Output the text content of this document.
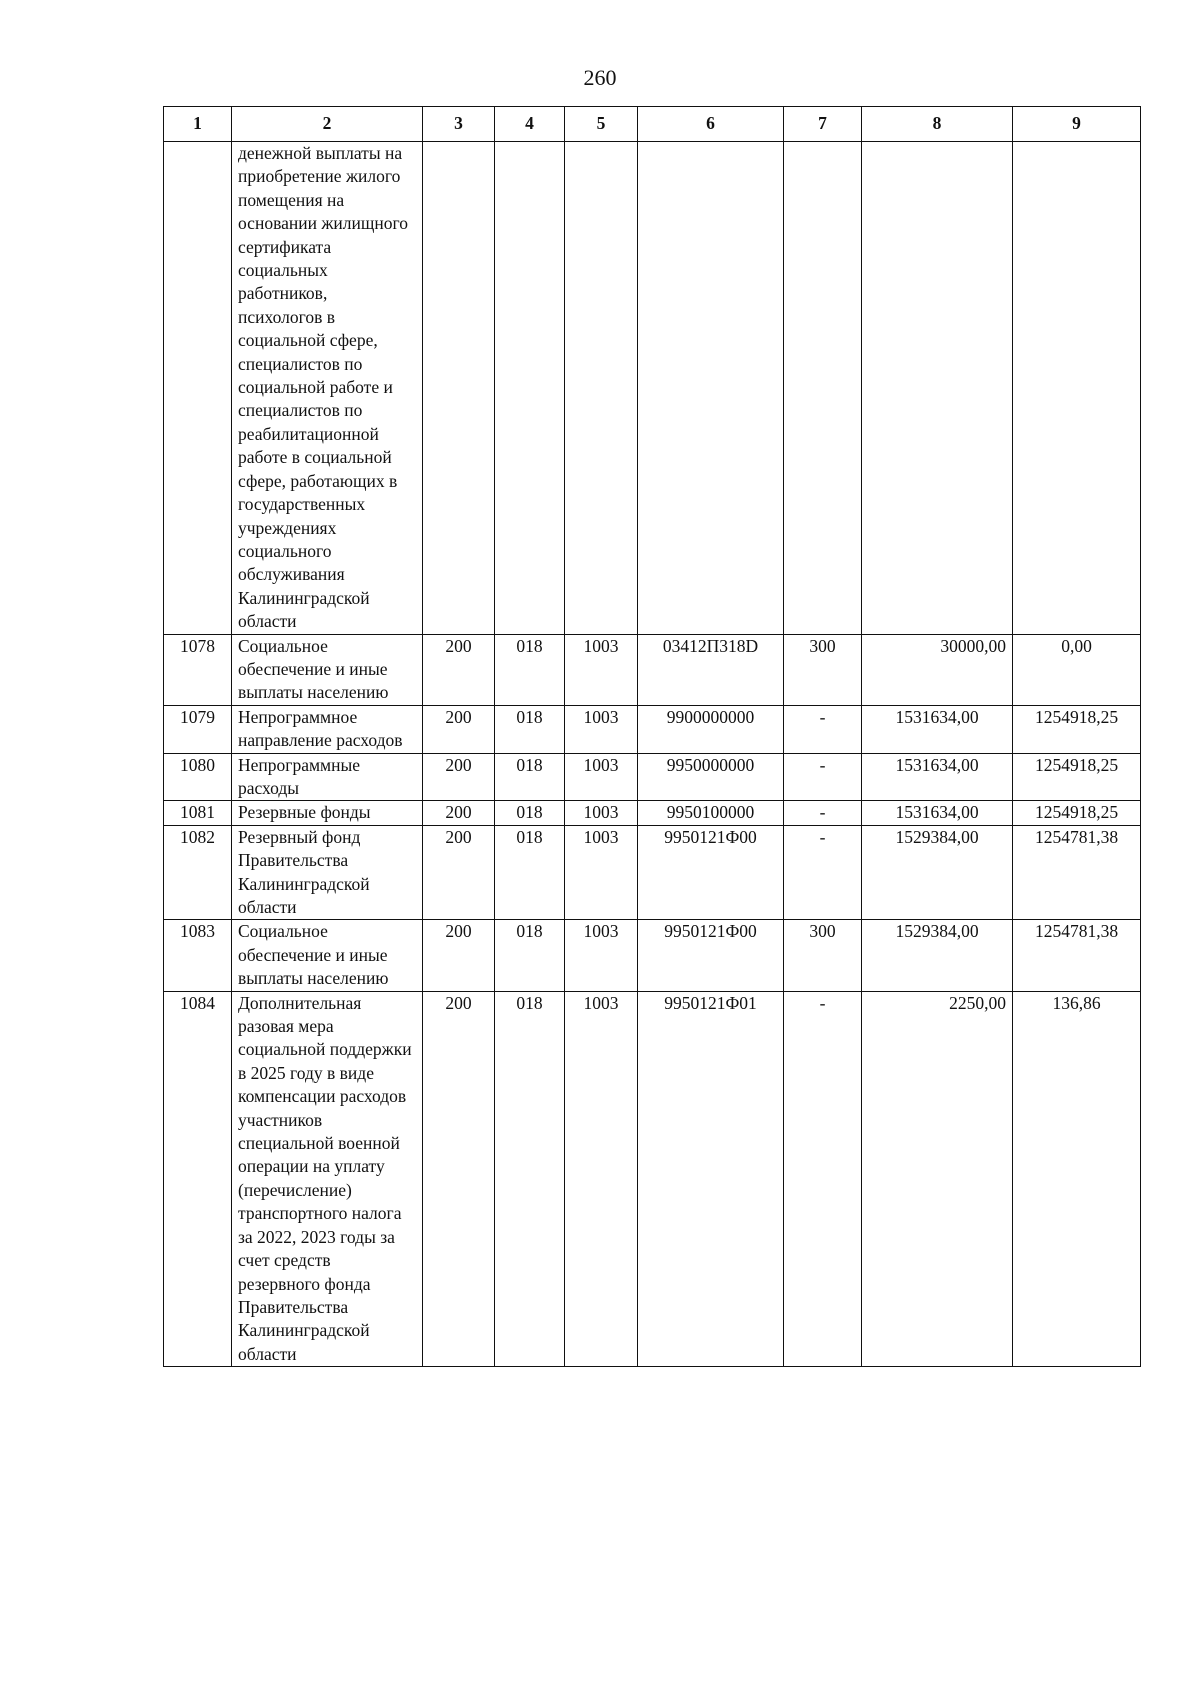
260
1	2	3	4	5	6	7	8	9
	денежной выплаты на приобретение жилого помещения на основании жилищного сертификата социальных работников, психологов в социальной сфере, специалистов по социальной работе и специалистов по реабилитационной работе в социальной сфере, работающих в государственных учреждениях социального обслуживания Калининградской области							
1078	Социальное обеспечение и иные выплаты населению	200	018	1003	03412П318D	300	30000,00	0,00
1079	Непрограммное направление расходов	200	018	1003	9900000000	-	1531634,00	1254918,25
1080	Непрограммные расходы	200	018	1003	9950000000	-	1531634,00	1254918,25
1081	Резервные фонды	200	018	1003	9950100000	-	1531634,00	1254918,25
1082	Резервный фонд Правительства Калининградской области	200	018	1003	9950121Ф00	-	1529384,00	1254781,38
1083	Социальное обеспечение и иные выплаты населению	200	018	1003	9950121Ф00	300	1529384,00	1254781,38
1084	Дополнительная разовая мера социальной поддержки в 2025 году в виде компенсации расходов участников специальной военной операции на уплату (перечисление) транспортного налога за 2022, 2023 годы за счет средств резервного фонда Правительства Калининградской области	200	018	1003	9950121Ф01	-	2250,00	136,86
